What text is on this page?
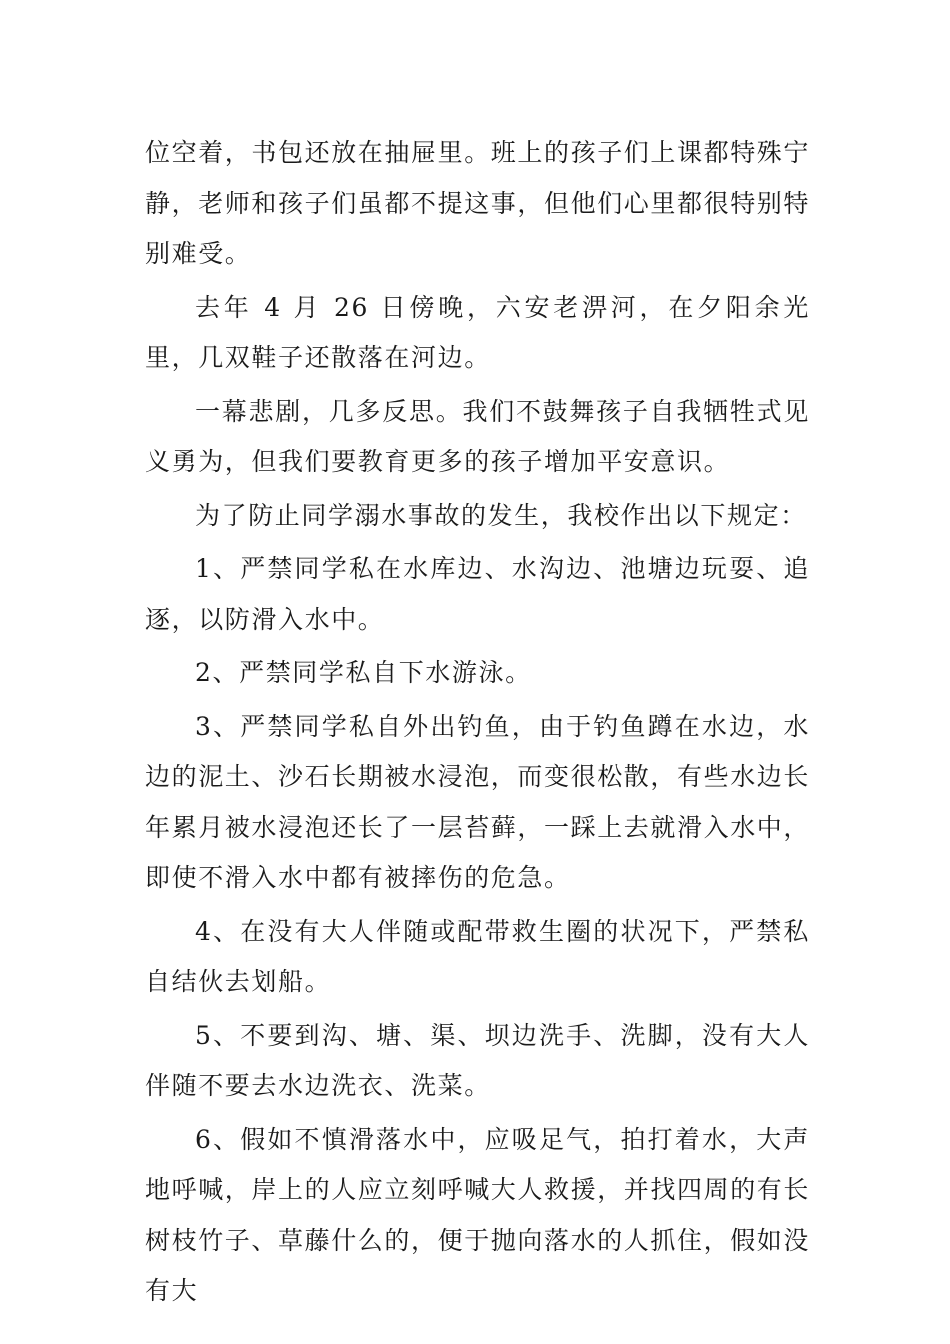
位空着，书包还放在抽屉里。班上的孩子们上课都特殊宁静，老师和孩子们虽都不提这事，但他们心里都很特别特别难受。

去年 4 月 26 日傍晚，六安老淠河，在夕阳余光里，几双鞋子还散落在河边。

一幕悲剧，几多反思。我们不鼓舞孩子自我牺牲式见义勇为，但我们要教育更多的孩子增加平安意识。

为了防止同学溺水事故的发生，我校作出以下规定：

1、严禁同学私在水库边、水沟边、池塘边玩耍、追逐，以防滑入水中。

2、严禁同学私自下水游泳。

3、严禁同学私自外出钓鱼，由于钓鱼蹲在水边，水边的泥土、沙石长期被水浸泡，而变很松散，有些水边长年累月被水浸泡还长了一层苔藓，一踩上去就滑入水中，即使不滑入水中都有被摔伤的危急。

4、在没有大人伴随或配带救生圈的状况下，严禁私自结伙去划船。

5、不要到沟、塘、渠、坝边洗手、洗脚，没有大人伴随不要去水边洗衣、洗菜。

6、假如不慎滑落水中，应吸足气，拍打着水，大声地呼喊，岸上的人应立刻呼喊大人救援，并找四周的有长树枝竹子、草藤什么的，便于抛向落水的人抓住，假如没有大
